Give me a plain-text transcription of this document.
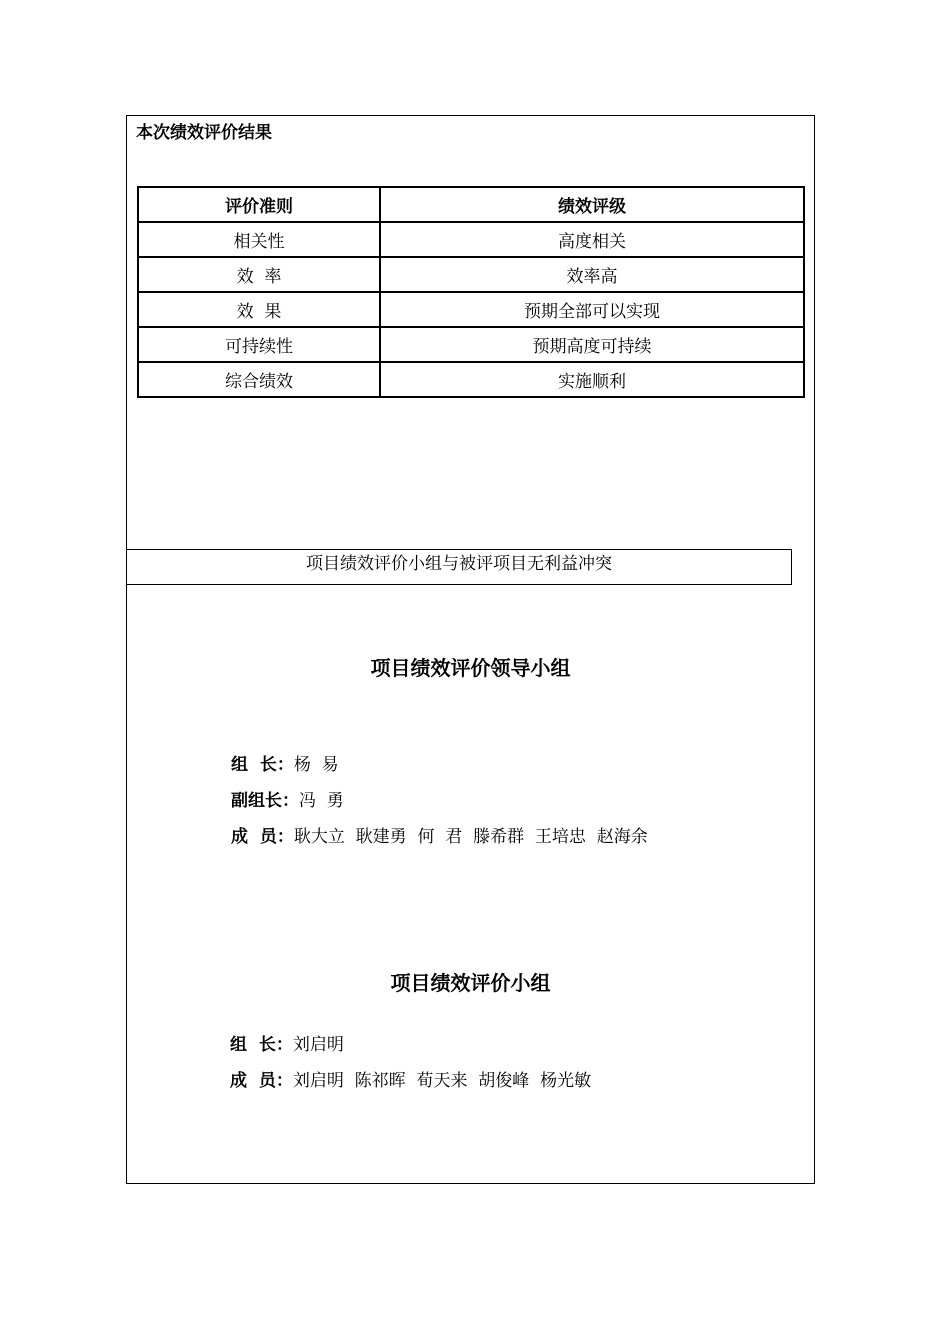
本次绩效评价结果
评价准则	绩效评级
相关性	高度相关
效  率	效率高
效  果	预期全部可以实现
可持续性	预期高度可持续
综合绩效	实施顺利
项目绩效评价小组与被评项目无利益冲突
项目绩效评价领导小组
组  长：杨  易
副组长：冯  勇
成  员：耿大立  耿建勇  何  君  滕希群  王培忠  赵海余
项目绩效评价小组
组  长：刘启明
成  员：刘启明  陈祁晖  荀天来  胡俊峰  杨光敏
